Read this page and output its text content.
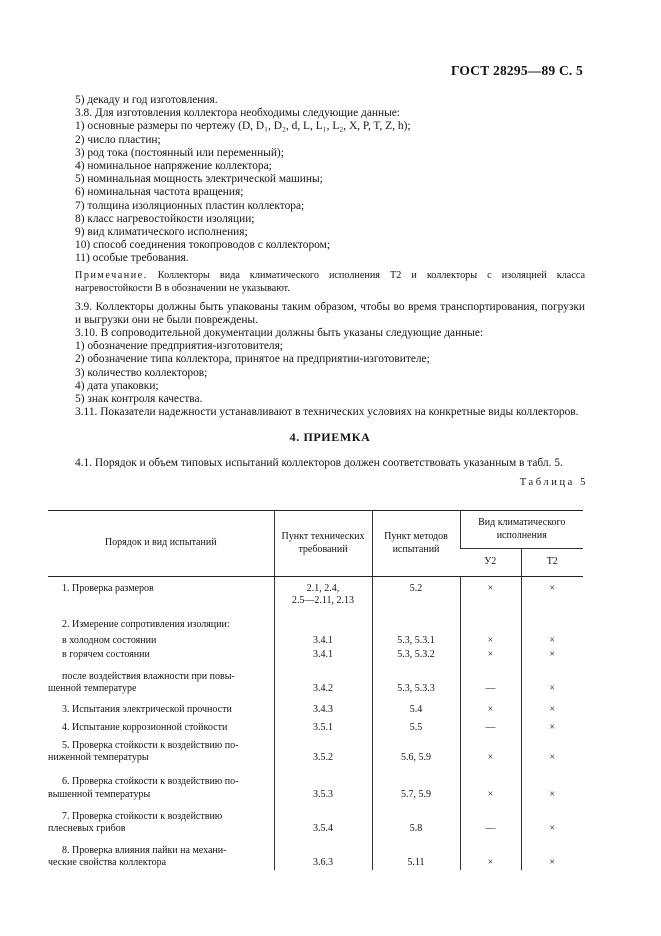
ГОСТ 28295—89 С. 5
5) декаду и год изготовления.
3.8. Для изготовления коллектора необходимы следующие данные:
1) основные размеры по чертежу (D, D₁, D₂, d, L, L₁, L₂, X, P, T, Z, h);
2) число пластин;
3) род тока (постоянный или переменный);
4) номинальное напряжение коллектора;
5) номинальная мощность электрической машины;
6) номинальная частота вращения;
7) толщина изоляционных пластин коллектора;
8) класс нагревостойкости изоляции;
9) вид климатического исполнения;
10) способ соединения токопроводов с коллектором;
11) особые требования.
Примечание. Коллекторы вида климатического исполнения Т2 и коллекторы с изоляцией класса нагревостойкости В в обозначении не указывают.
3.9. Коллекторы должны быть упакованы таким образом, чтобы во время транспортирования, погрузки и выгрузки они не были повреждены.
3.10. В сопроводительной документации должны быть указаны следующие данные:
1) обозначение предприятия-изготовителя;
2) обозначение типа коллектора, принятое на предприятии-изготовителе;
3) количество коллекторов;
4) дата упаковки;
5) знак контроля качества.
3.11. Показатели надежности устанавливают в технических условиях на конкретные виды коллекторов.
4. ПРИЕМКА
4.1. Порядок и объем типовых испытаний коллекторов должен соответствовать указанным в табл. 5.
Таблица 5
Порядок и вид испытаний	Пункт технических требований	Пункт методов испытаний	Вид климатического исполнения	
			У2	Т2

1. Проверка размеров	2.1, 2.4,
2.5—2.11, 2.13	5.2	×	×

2. Измерение сопротивления изоляции:				

в холодном состоянии	3.4.1	5.3, 5.3.1	×	×

в горячем состоянии	3.4.1	5.3, 5.3.2	×	×

после воздействия влажности при повы-
шенной температуре	3.4.2	5.3, 5.3.3	—	×

3. Испытания электрической прочности	3.4.3	5.4	×	×

4. Испытание коррозионной стойкости	3.5.1	5.5	—	×

5. Проверка стойкости к воздействию по-
ниженной температуры	3.5.2	5.6, 5.9	×	×

6. Проверка стойкости к воздействию по-
вышенной температуры	3.5.3	5.7, 5.9	×	×

7. Проверка стойкости к воздействию
плесневых грибов	3.5.4	5.8	—	×

8. Проверка влияния пайки на механи-
ческие свойства коллектора	3.6.3	5.11	×	×
